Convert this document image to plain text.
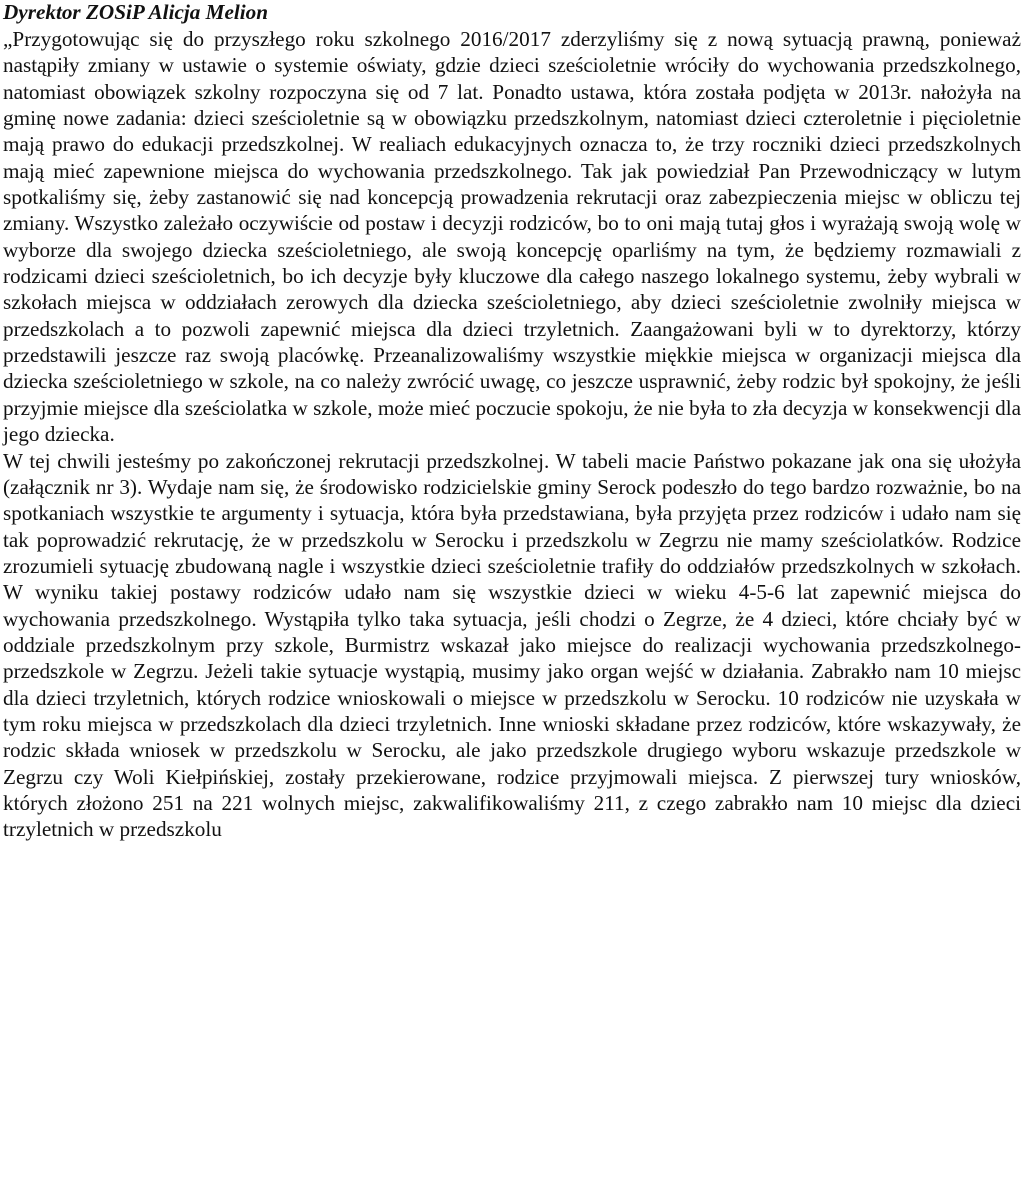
Dyrektor ZOSiP Alicja Melion

„Przygotowując się do przyszłego roku szkolnego 2016/2017 zderzyliśmy się z nową sytuacją prawną, ponieważ nastąpiły zmiany w ustawie o systemie oświaty, gdzie dzieci sześcioletnie wróciły do wychowania przedszkolnego, natomiast obowiązek szkolny rozpoczyna się od 7 lat. Ponadto ustawa, która została podjęta w 2013r. nałożyła na gminę nowe zadania: dzieci sześcioletnie są w obowiązku przedszkolnym, natomiast dzieci czteroletnie i pięcioletnie mają prawo do edukacji przedszkolnej. W realiach edukacyjnych oznacza to, że trzy roczniki dzieci przedszkolnych mają mieć zapewnione miejsca do wychowania przedszkolnego. Tak jak powiedział Pan Przewodniczący w lutym spotkaliśmy się, żeby zastanowić się nad koncepcją prowadzenia rekrutacji oraz zabezpieczenia miejsc w obliczu tej zmiany. Wszystko zależało oczywiście od postaw i decyzji rodziców, bo to oni mają tutaj głos i wyrażają swoją wolę w wyborze dla swojego dziecka sześcioletniego, ale swoją koncepcję oparliśmy na tym, że będziemy rozmawiali z rodzicami dzieci sześcioletnich, bo ich decyzje były kluczowe dla całego naszego lokalnego systemu, żeby wybrali w szkołach miejsca w oddziałach zerowych dla dziecka sześcioletniego, aby dzieci sześcioletnie zwolniły miejsca w przedszkolach a to pozwoli zapewnić miejsca dla dzieci trzyletnich. Zaangażowani byli w to dyrektorzy, którzy przedstawili jeszcze raz swoją placówkę. Przeanalizowaliśmy wszystkie miękkie miejsca w organizacji miejsca dla dziecka sześcioletniego w szkole, na co należy zwrócić uwagę, co jeszcze usprawnić, żeby rodzic był spokojny, że jeśli przyjmie miejsce dla sześciolatka w szkole, może mieć poczucie spokoju, że nie była to zła decyzja w konsekwencji dla jego dziecka.

W tej chwili jesteśmy po zakończonej rekrutacji przedszkolnej. W tabeli macie Państwo pokazane jak ona się ułożyła (załącznik nr 3). Wydaje nam się, że środowisko rodzicielskie gminy Serock podeszło do tego bardzo rozważnie, bo na spotkaniach wszystkie te argumenty i sytuacja, która była przedstawiana, była przyjęta przez rodziców i udało nam się tak poprowadzić rekrutację, że w przedszkolu w Serocku i przedszkolu w Zegrzu nie mamy sześciolatków. Rodzice zrozumieli sytuację zbudowaną nagle i wszystkie dzieci sześcioletnie trafiły do oddziałów przedszkolnych w szkołach. W wyniku takiej postawy rodziców udało nam się wszystkie dzieci w wieku 4-5-6 lat zapewnić miejsca do wychowania przedszkolnego. Wystąpiła tylko taka sytuacja, jeśli chodzi o Zegrze, że 4 dzieci, które chciały być w oddziale przedszkolnym przy szkole, Burmistrz wskazał jako miejsce do realizacji wychowania przedszkolnego- przedszkole w Zegrzu. Jeżeli takie sytuacje wystąpią, musimy jako organ wejść w działania. Zabrakło nam 10 miejsc dla dzieci trzyletnich, których rodzice wnioskowali o miejsce w przedszkolu w Serocku. 10 rodziców nie uzyskała w tym roku miejsca w przedszkolach dla dzieci trzyletnich. Inne wnioski składane przez rodziców, które wskazywały, że rodzic składa wniosek w przedszkolu w Serocku, ale jako przedszkole drugiego wyboru wskazuje przedszkole w Zegrzu czy Woli Kiełpińskiej, zostały przekierowane, rodzice przyjmowali miejsca. Z pierwszej tury wniosków, których złożono 251 na 221 wolnych miejsc, zakwalifikowaliśmy 211, z czego zabrakło nam 10 miejsc dla dzieci trzyletnich w przedszkolu
